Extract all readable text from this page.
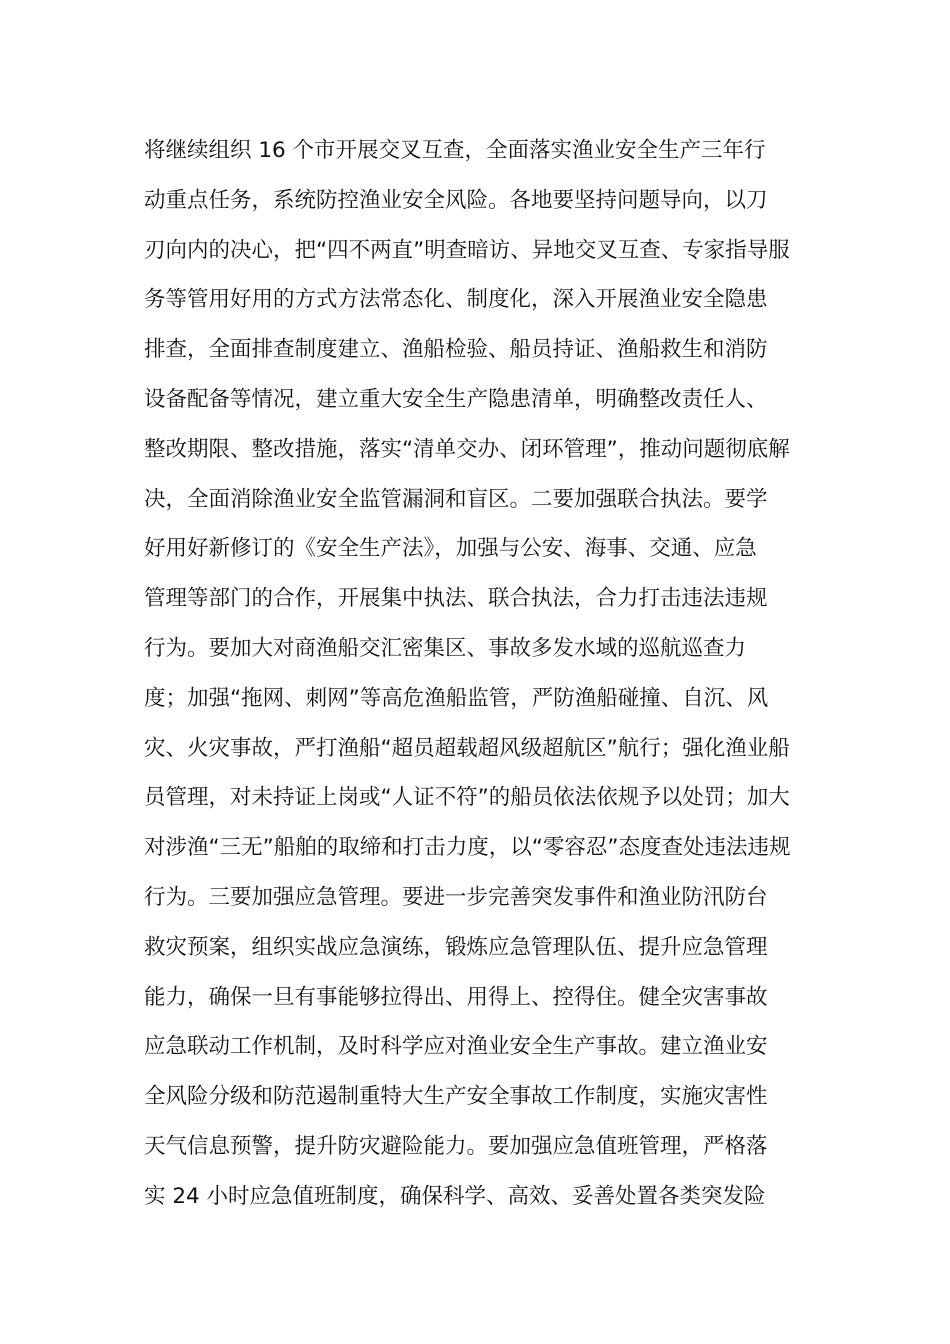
将继续组织 16 个市开展交叉互查，全面落实渔业安全生产三年行
动重点任务，系统防控渔业安全风险。各地要坚持问题导向，以刀
刃向内的决心，把“四不两直”明查暗访、异地交叉互查、专家指导服
务等管用好用的方式方法常态化、制度化，深入开展渔业安全隐患
排查，全面排查制度建立、渔船检验、船员持证、渔船救生和消防
设备配备等情况，建立重大安全生产隐患清单，明确整改责任人、
整改期限、整改措施，落实“清单交办、闭环管理”，推动问题彻底解
决，全面消除渔业安全监管漏洞和盲区。二要加强联合执法。要学
好用好新修订的《安全生产法》，加强与公安、海事、交通、应急
管理等部门的合作，开展集中执法、联合执法，合力打击违法违规
行为。要加大对商渔船交汇密集区、事故多发水域的巡航巡查力
度；加强“拖网、刺网”等高危渔船监管，严防渔船碰撞、自沉、风
灾、火灾事故，严打渔船“超员超载超风级超航区”航行；强化渔业船
员管理，对未持证上岗或“人证不符”的船员依法依规予以处罚；加大
对涉渔“三无”船舶的取缔和打击力度，以“零容忍”态度查处违法违规
行为。三要加强应急管理。要进一步完善突发事件和渔业防汛防台
救灾预案，组织实战应急演练，锻炼应急管理队伍、提升应急管理
能力，确保一旦有事能够拉得出、用得上、控得住。健全灾害事故
应急联动工作机制，及时科学应对渔业安全生产事故。建立渔业安
全风险分级和防范遏制重特大生产安全事故工作制度，实施灾害性
天气信息预警，提升防灾避险能力。要加强应急值班管理，严格落
实 24 小时应急值班制度，确保科学、高效、妥善处置各类突发险
